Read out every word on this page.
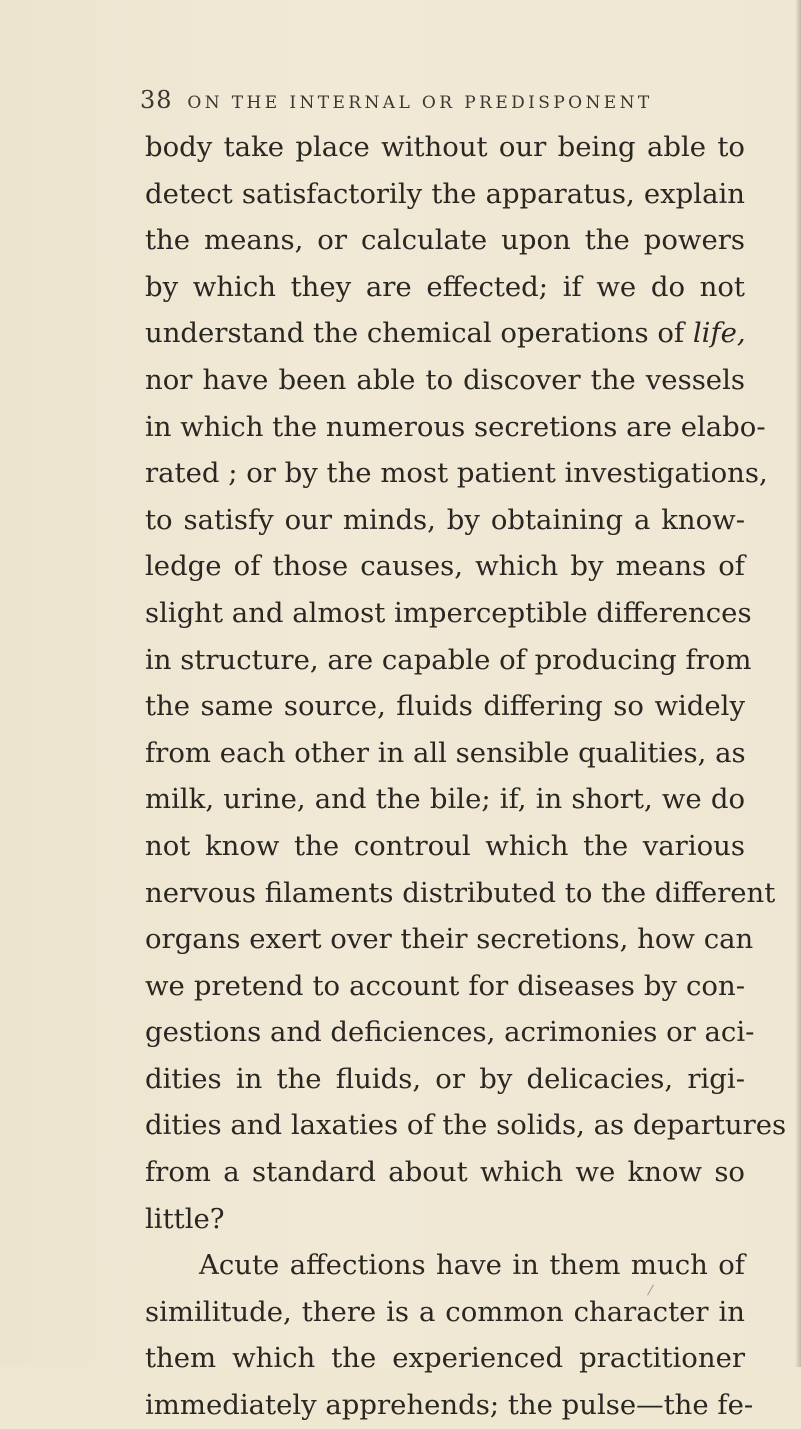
38 ON THE INTERNAL OR PREDISPONENT
body take place without our being able to
detect satisfactorily the apparatus, explain
the means, or calculate upon the powers
by which they are effected; if we do not
understand the chemical operations of life,
nor have been able to discover the vessels
in which the numerous secretions are elabo-
rated ; or by the most patient investigations,
to satisfy our minds, by obtaining a know-
ledge of those causes, which by means of
slight and almost imperceptible differences
in structure, are capable of producing from
the same source, fluids differing so widely
from each other in all sensible qualities, as
milk, urine, and the bile; if, in short, we do
not know the controul which the various
nervous filaments distributed to the different
organs exert over their secretions, how can
we pretend to account for diseases by con-
gestions and deficiences, acrimonies or aci-
dities in the fluids, or by delicacies, rigi-
dities and laxaties of the solids, as departures
from a standard about which we know so
little?
Acute affections have in them much of
similitude, there is a common character in
them which the experienced practitioner
immediately apprehends; the pulse—the fe-
